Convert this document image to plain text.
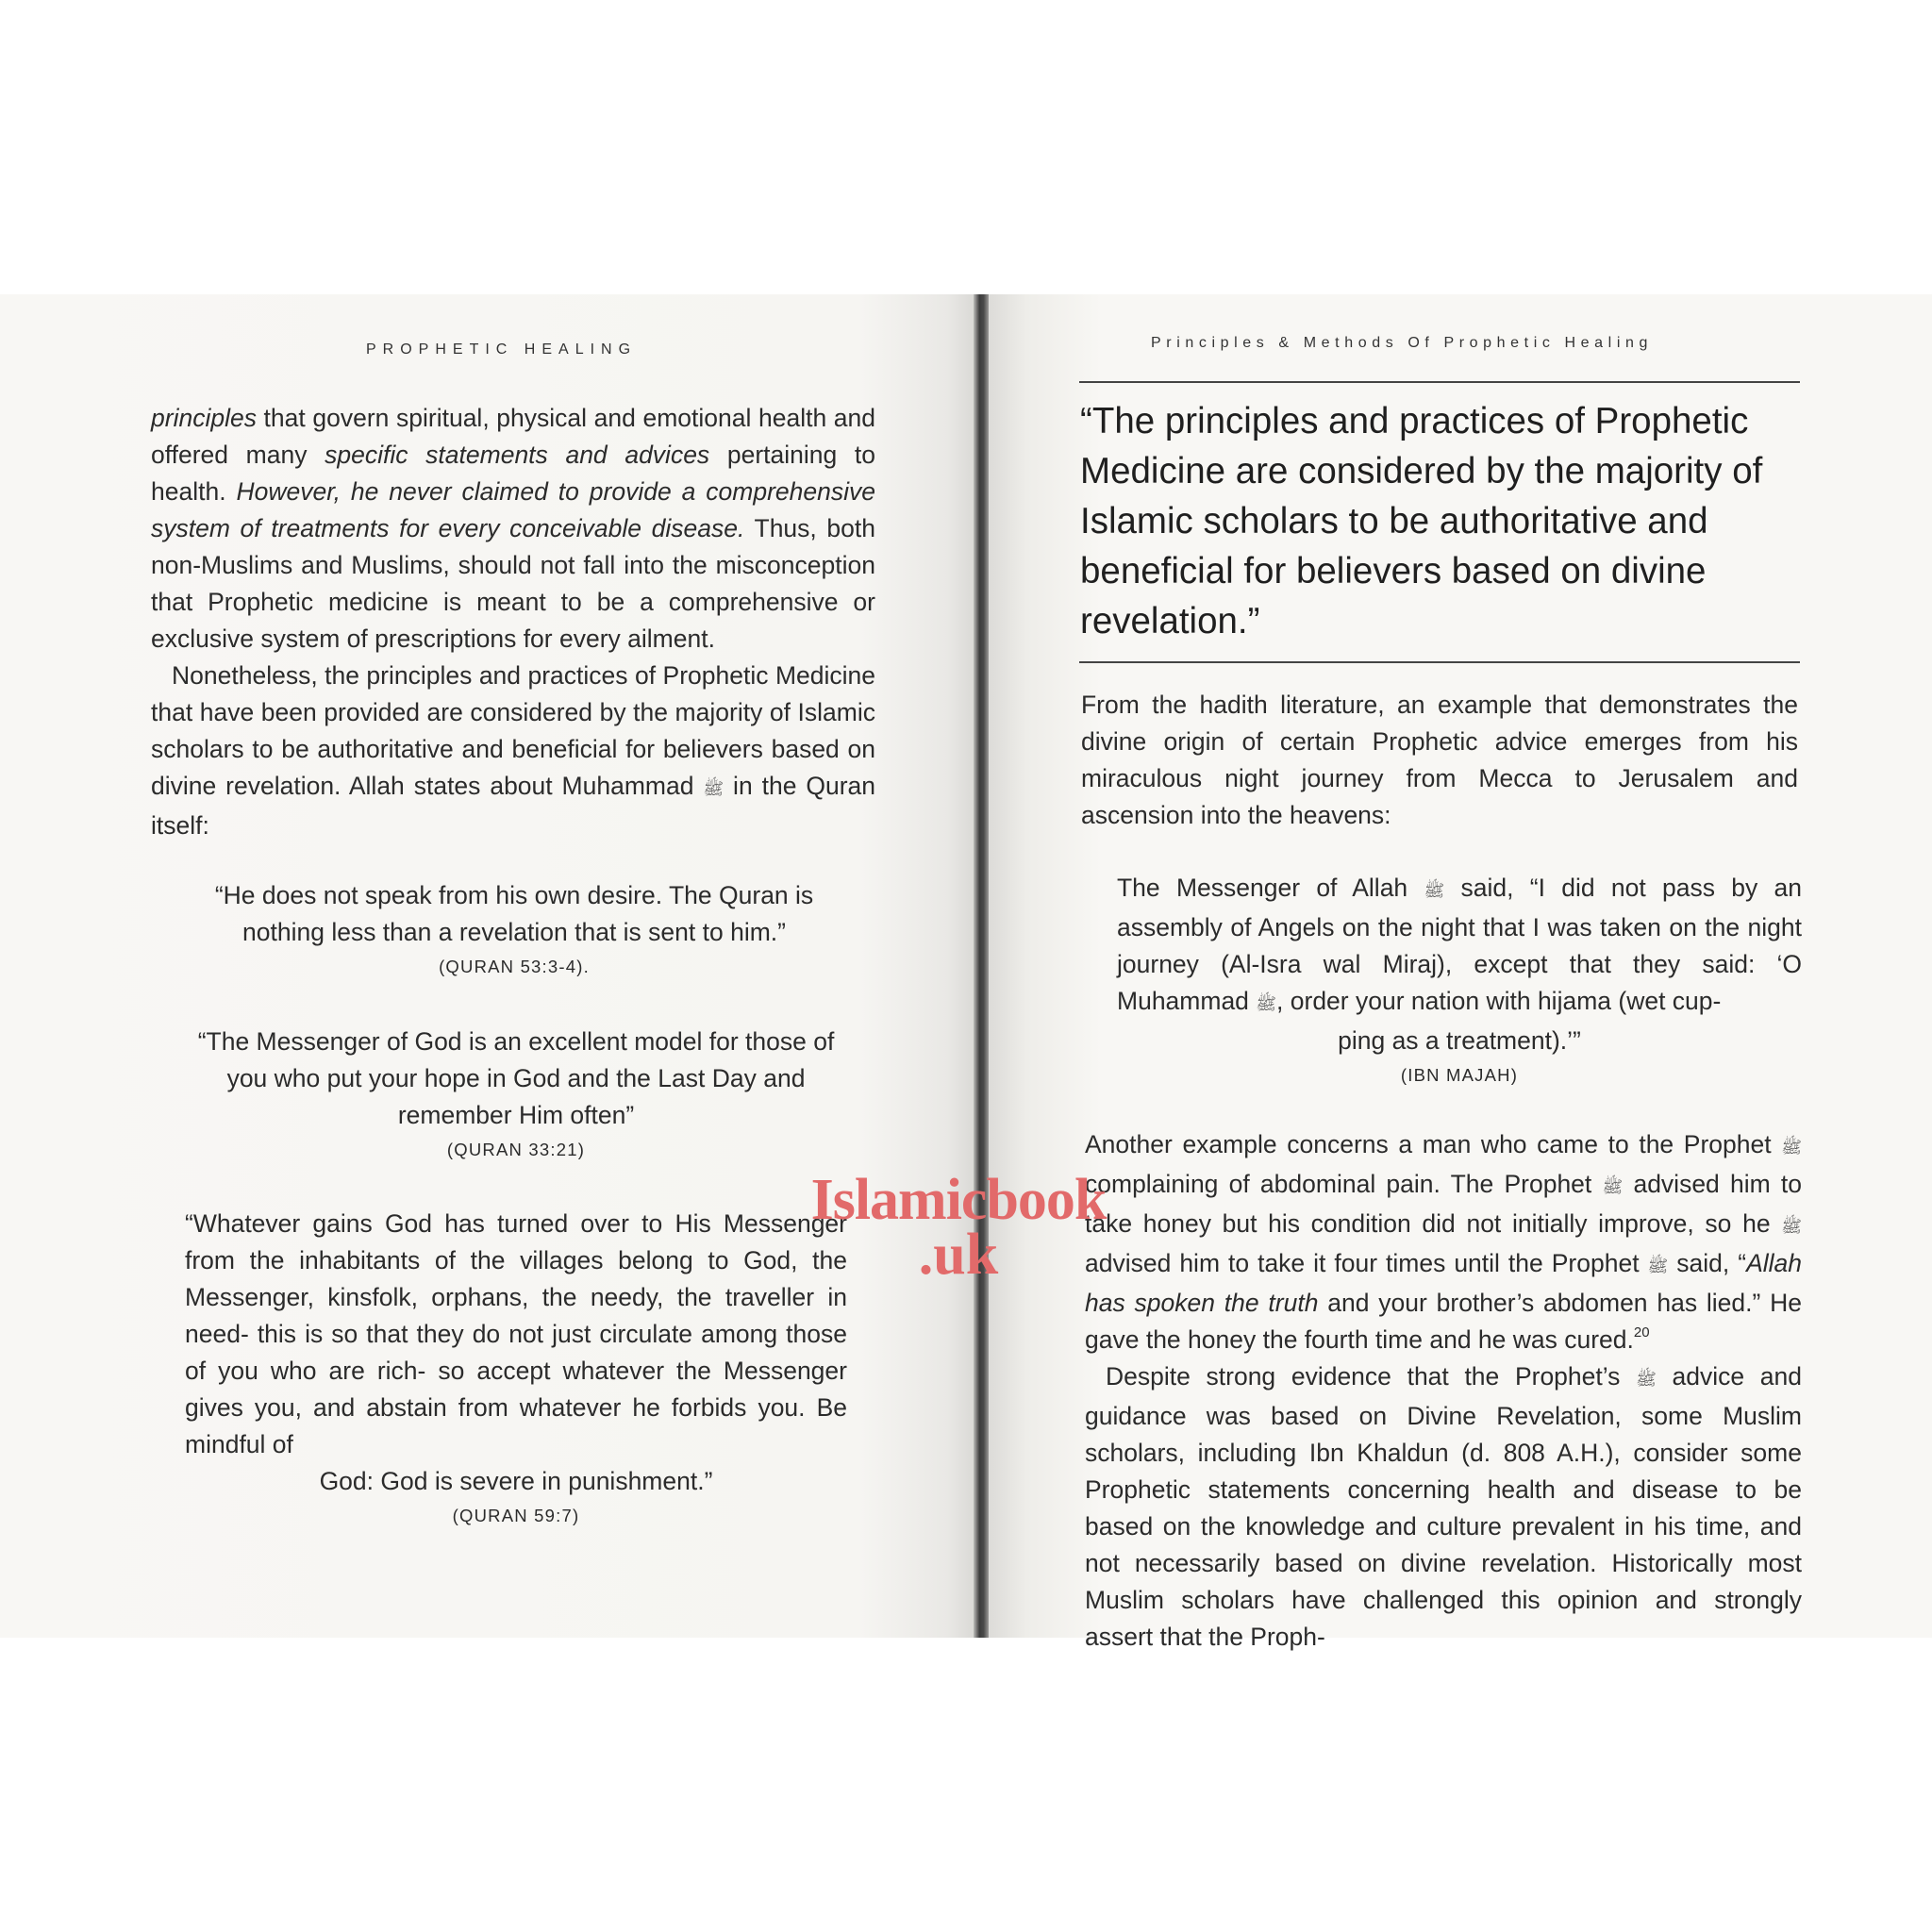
PROPHETIC HEALING

principles that govern spiritual, physical and emotional health and offered many specific statements and advices pertaining to health. However, he never claimed to provide a comprehensive system of treatments for every conceivable disease. Thus, both non-Muslims and Muslims, should not fall into the misconception that Prophetic medicine is meant to be a comprehensive or exclusive system of prescriptions for every ailment.

Nonetheless, the principles and practices of Prophetic Medicine that have been provided are considered by the majority of Islamic scholars to be authoritative and beneficial for believers based on divine revelation. Allah states about Muhammad ﷺ in the Quran itself:

“He does not speak from his own desire. The Quran is nothing less than a revelation that is sent to him.”
(QURAN 53:3-4).
“The Messenger of God is an excellent model for those of you who put your hope in God and the Last Day and
remember Him often”
(QURAN 33:21)

“Whatever gains God has turned over to His Messenger from the inhabitants of the villages belong to God, the Messenger, kinsfolk, orphans, the needy, the traveller in need- this is so that they do not just circulate among those of you who are rich- so accept whatever the Messenger gives you, and abstain from whatever he forbids you. Be mindful of

God: God is severe in punishment.”

(QURAN 59:7)
Principles & Methods Of Prophetic Healing
“The principles and practices of Prophetic Medicine are considered by the majority of Islamic scholars to be authoritative and beneficial for believers based on divine revelation.”

From the hadith literature, an example that demonstrates the divine origin of certain Prophetic advice emerges from his miraculous night journey from Mecca to Jerusalem and ascension into the heavens:

The Messenger of Allah ﷺ said, “I did not pass by an assembly of Angels on the night that I was taken on the night journey (Al-Isra wal Miraj), except that they said: ‘O Muhammad ﷺ, order your nation with hijama (wet cup-

ping as a treatment).’”

(IBN MAJAH)

Another example concerns a man who came to the Prophet ﷺ complaining of abdominal pain. The Prophet ﷺ advised him to take honey but his condition did not initially improve, so he ﷺ advised him to take it four times until the Prophet ﷺ said, “Allah has spoken the truth and your brother’s abdomen has lied.” He gave the honey the fourth time and he was cured.$^{20}$

Despite strong evidence that the Prophet’s ﷺ advice and guidance was based on Divine Revelation, some Muslim scholars, including Ibn Khaldun (d. 808 A.H.), consider some Prophetic statements concerning health and disease to be based on the knowledge and culture prevalent in his time, and not necessarily based on divine revelation. Historically most Muslim scholars have challenged this opinion and strongly assert that the Proph-

Islamicbook
.uk
